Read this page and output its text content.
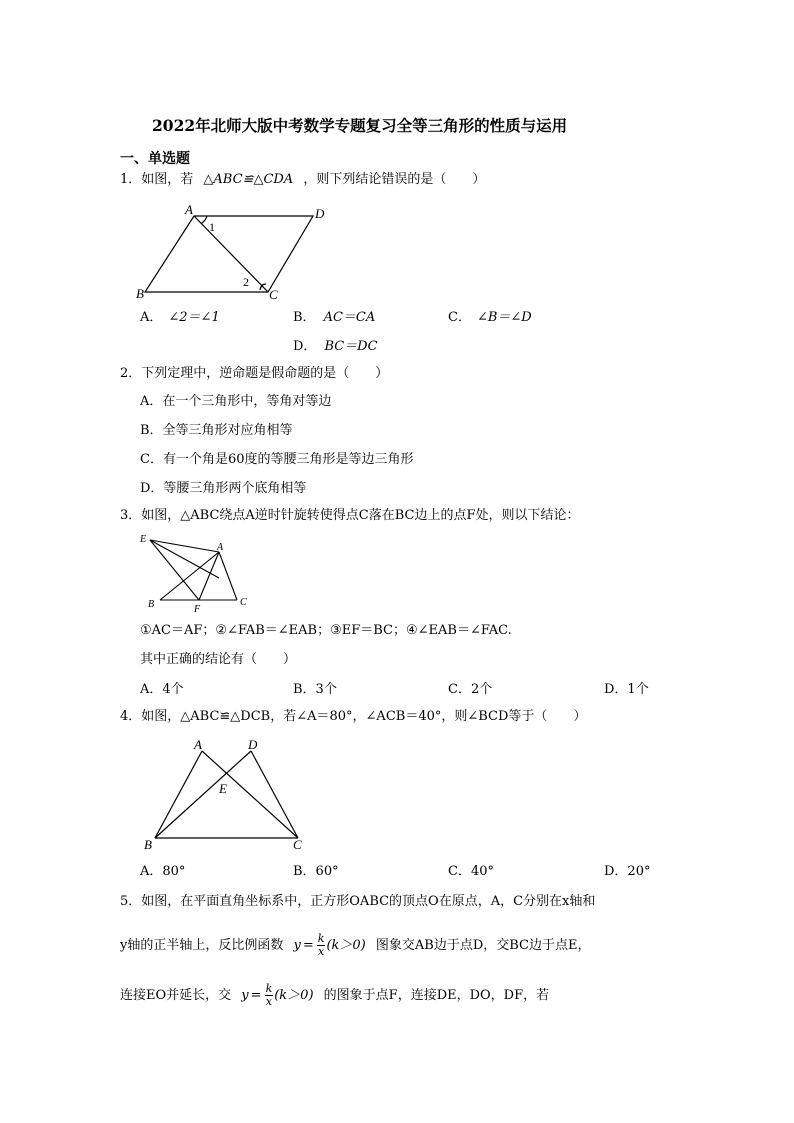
2022年北师大版中考数学专题复习全等三角形的性质与运用
一、单选题
1．如图，若 △ABC≌△CDA ，则下列结论错误的是（　　）
A	D
B	C
1
2
A． ∠2＝∠1	B． AC＝CA	C． ∠B＝∠D
D． BC＝DC
2．下列定理中，逆命题是假命题的是（　　）
A．在一个三角形中，等角对等边
B．全等三角形对应角相等
C．有一个角是60度的等腰三角形是等边三角形
D．等腰三角形两个底角相等
3．如图，△ABC绕点A逆时针旋转使得点C落在BC边上的点F处，则以下结论：
E
A
B	F
C
①AC＝AF；②∠FAB＝∠EAB；③EF＝BC；④∠EAB＝∠FAC.
其中正确的结论有（　　）
A．4个	B．3个	C．2个	D．1个
4．如图，△ABC≌△DCB，若∠A＝80°，∠ACB＝40°，则∠BCD等于（　　）
A	D
E
B	C
A．80°	B．60°	C．40°	D．20°
5．如图，在平面直角坐标系中，正方形OABC的顶点O在原点，A，C分别在x轴和
y轴的正半轴上，反比例函数 $y = \frac{k}{x} (k>0)$ 图象交AB边于点D，交BC边于点E，
连接EO并延长，交 $y = \frac{k}{x} (k>0)$ 的图象于点F，连接DE，DO，DF，若
